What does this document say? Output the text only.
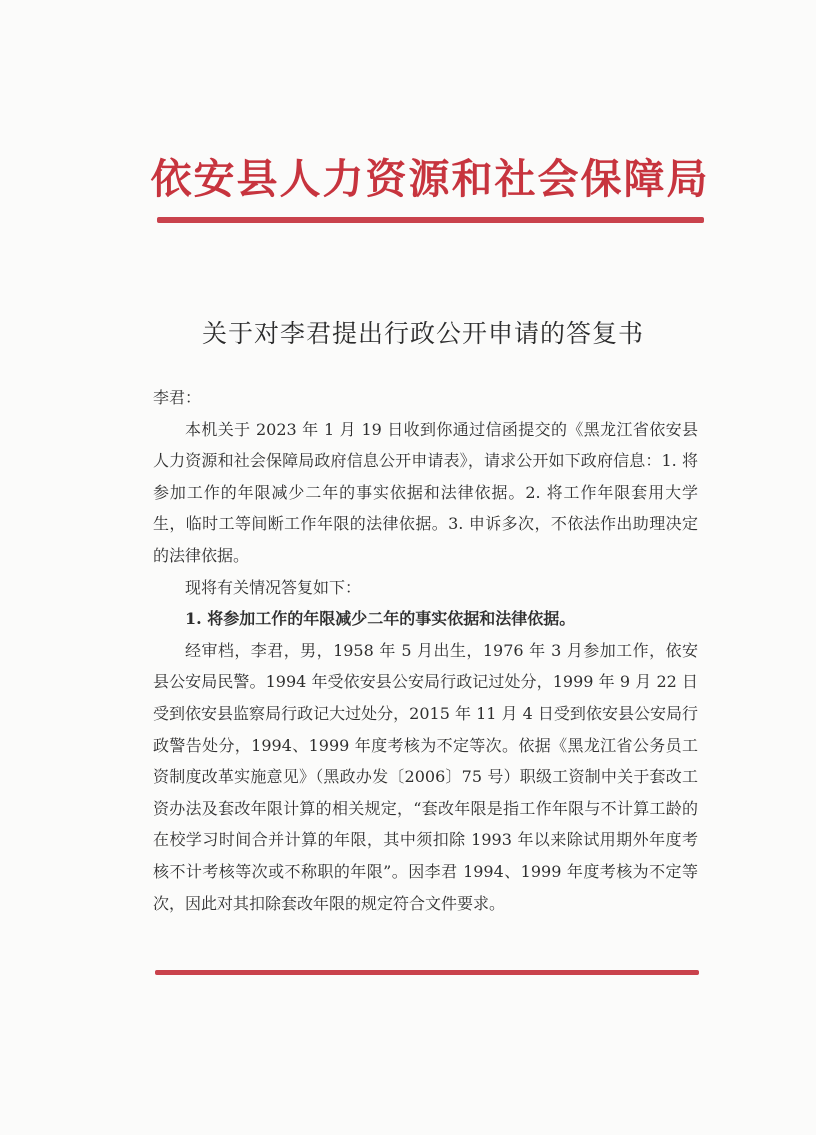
依安县人力资源和社会保障局
关于对李君提出行政公开申请的答复书

李君：

本机关于 2023 年 1 月 19 日收到你通过信函提交的《黑龙江省依安县人力资源和社会保障局政府信息公开申请表》，请求公开如下政府信息：1. 将参加工作的年限减少二年的事实依据和法律依据。2. 将工作年限套用大学生，临时工等间断工作年限的法律依据。3. 申诉多次，不依法作出助理决定的法律依据。

现将有关情况答复如下：

1. 将参加工作的年限减少二年的事实依据和法律依据。

经审档，李君，男，1958 年 5 月出生，1976 年 3 月参加工作，依安县公安局民警。1994 年受依安县公安局行政记过处分，1999 年 9 月 22 日受到依安县监察局行政记大过处分，2015 年 11 月 4 日受到依安县公安局行政警告处分，1994、1999 年度考核为不定等次。依据《黑龙江省公务员工资制度改革实施意见》（黑政办发〔2006〕75 号）职级工资制中关于套改工资办法及套改年限计算的相关规定，“套改年限是指工作年限与不计算工龄的在校学习时间合并计算的年限，其中须扣除 1993 年以来除试用期外年度考核不计考核等次或不称职的年限”。因李君 1994、1999 年度考核为不定等次，因此对其扣除套改年限的规定符合文件要求。
